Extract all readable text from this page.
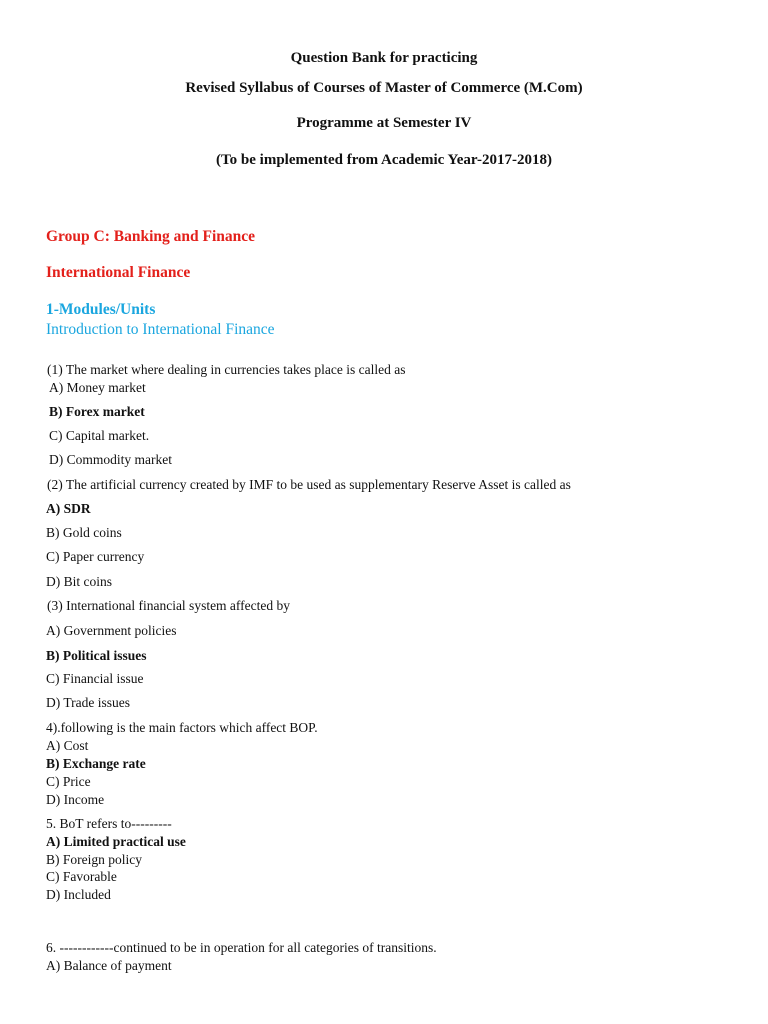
Question Bank for practicing
Revised Syllabus of Courses of Master of Commerce (M.Com)
Programme at Semester IV
(To be implemented from Academic Year-2017-2018)
Group C: Banking and Finance
International Finance
1-Modules/Units
Introduction to International Finance
(1) The market where dealing in currencies takes place is called as
A) Money market
B) Forex market
C) Capital market.
D) Commodity market
(2) The artificial currency created by IMF to be used as supplementary Reserve Asset is called as
A) SDR
B) Gold coins
C) Paper currency
D) Bit coins
(3) International financial system affected by
A) Government policies
B) Political issues
C) Financial issue
D) Trade issues
4).following is the main factors which affect BOP.
A) Cost
B) Exchange rate
C) Price
D) Income
5. BoT refers to---------
A) Limited practical use
B) Foreign policy
C) Favorable
D) Included
6. ------------continued to be in operation for all categories of transitions.
A) Balance of payment
